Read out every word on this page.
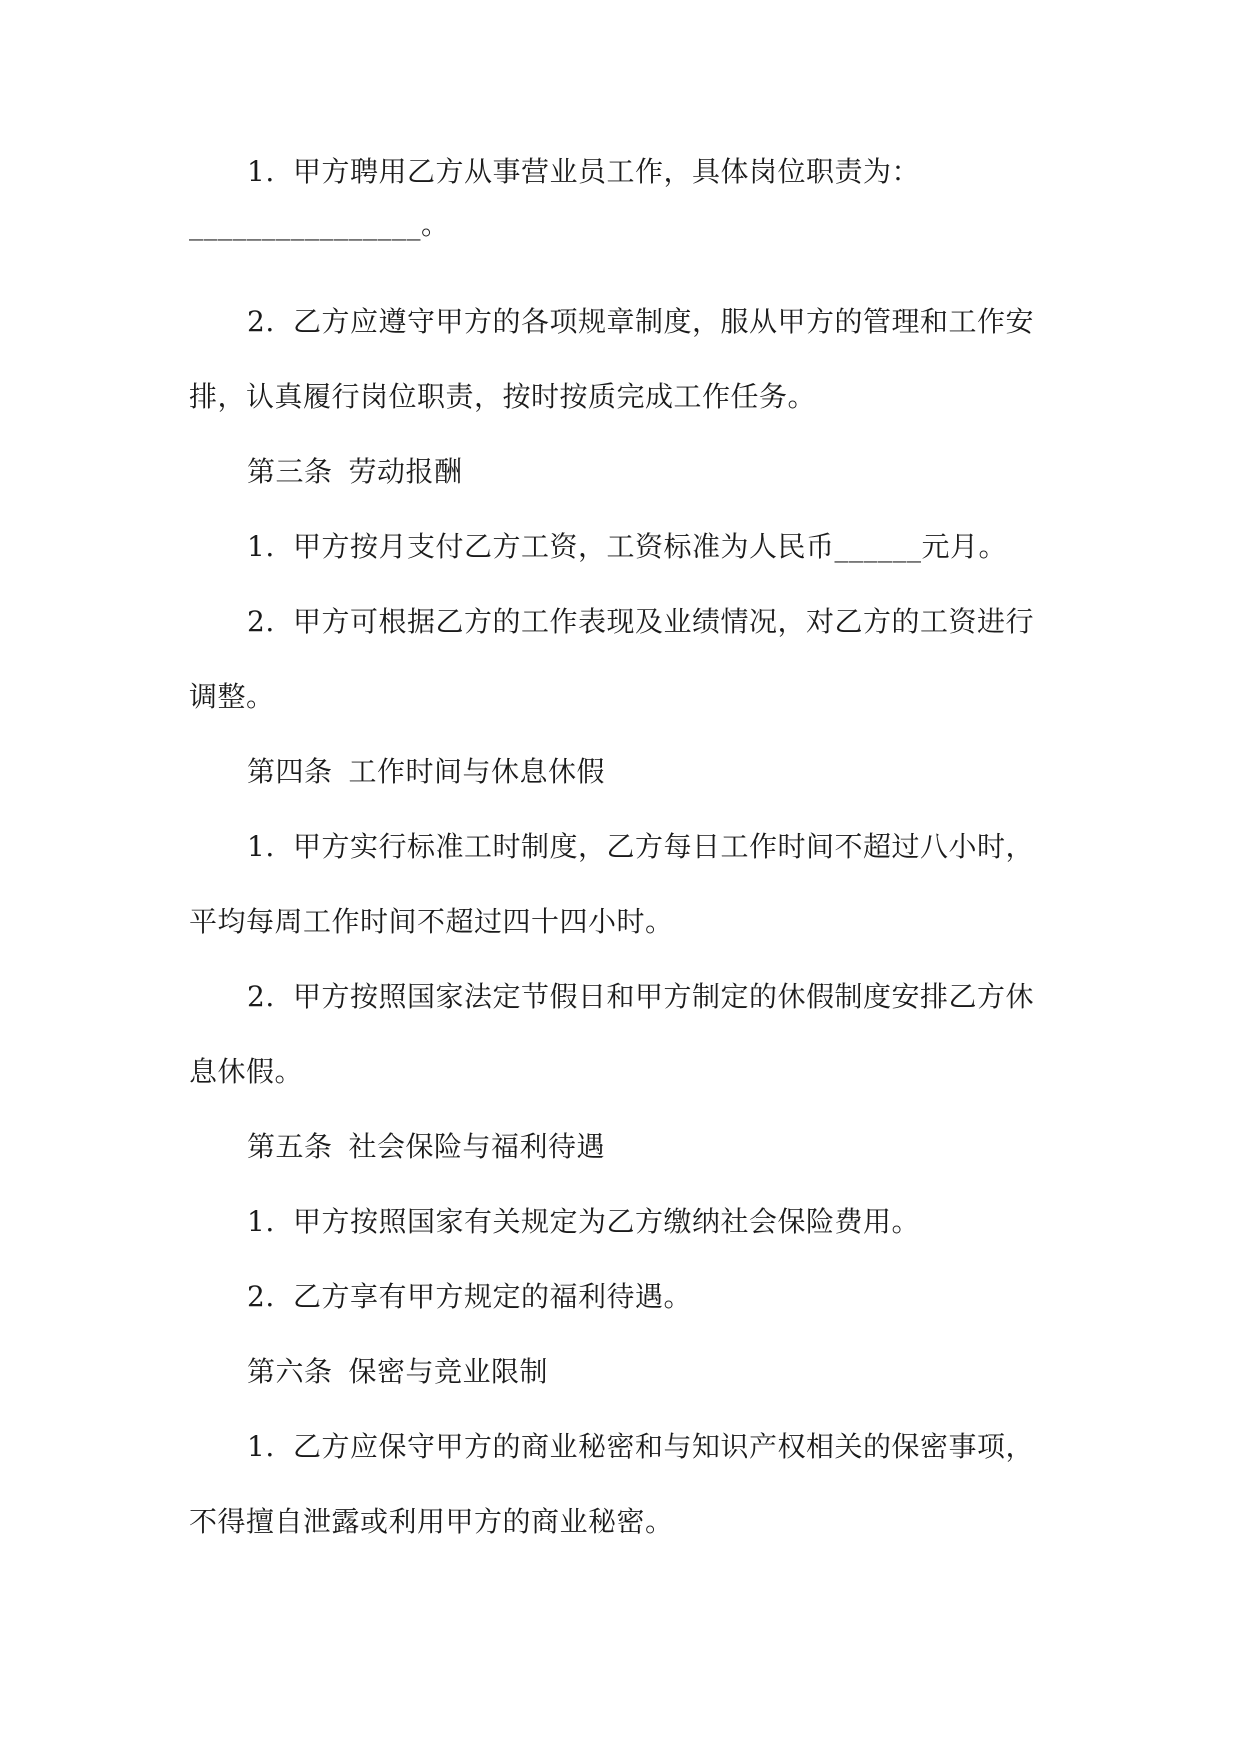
1. 甲方聘用乙方从事营业员工作，具体岗位职责为：
________________。
2. 乙方应遵守甲方的各项规章制度，服从甲方的管理和工作安
排，认真履行岗位职责，按时按质完成工作任务。
第三条 劳动报酬
1. 甲方按月支付乙方工资，工资标准为人民币______元月。
2. 甲方可根据乙方的工作表现及业绩情况，对乙方的工资进行
调整。
第四条 工作时间与休息休假
1. 甲方实行标准工时制度，乙方每日工作时间不超过八小时，
平均每周工作时间不超过四十四小时。
2. 甲方按照国家法定节假日和甲方制定的休假制度安排乙方休
息休假。
第五条 社会保险与福利待遇
1. 甲方按照国家有关规定为乙方缴纳社会保险费用。
2. 乙方享有甲方规定的福利待遇。
第六条 保密与竞业限制
1. 乙方应保守甲方的商业秘密和与知识产权相关的保密事项，
不得擅自泄露或利用甲方的商业秘密。
